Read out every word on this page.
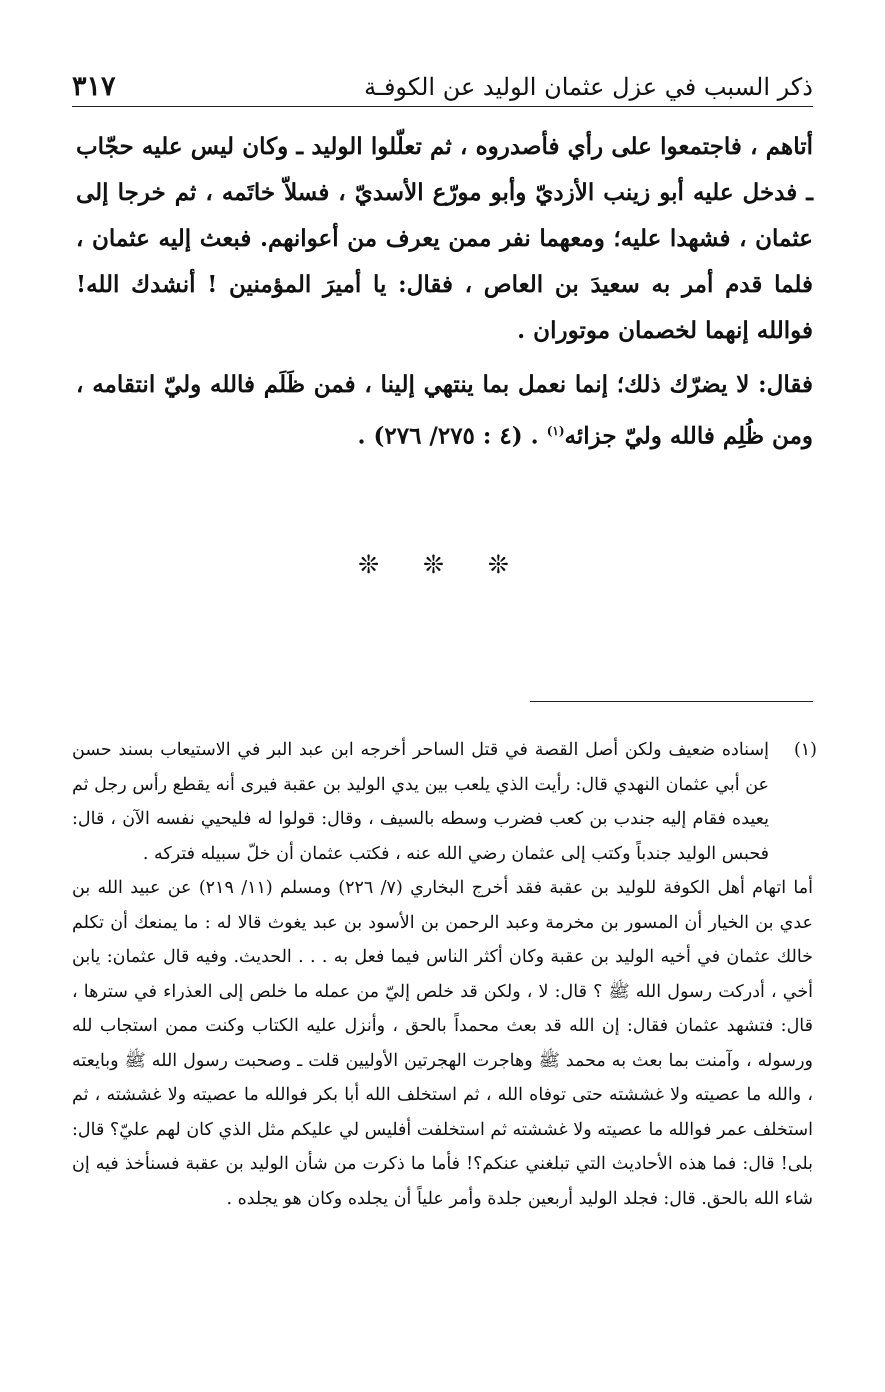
ذكر السبب في عزل عثمان الوليد عن الكوفـة
٣١٧

أتاهم ، فاجتمعوا على رأي فأصدروه ، ثم تعلّلوا الوليد ـ وكان ليس عليه حجّاب ـ فدخل عليه أبو زينب الأزديّ وأبو مورّع الأسديّ ، فسلاّ خاتَمه ، ثم خرجا إلى عثمان ، فشهدا عليه؛ ومعهما نفر ممن يعرف من أعوانهم. فبعث إليه عثمان ، فلما قدم أمر به سعيدَ بن العاص ، فقال: يا أميرَ المؤمنين ! أنشدك الله! فوالله إنهما لخصمان موتوران .

فقال: لا يضرّك ذلك؛ إنما نعمل بما ينتهي إلينا ، فمن ظَلَم فالله وليّ انتقامه ، ومن ظُلِم فالله وليّ جزائه$^{(١)}$ . (٤ : ٢٧٥/ ٢٧٦) .

❊ ❊ ❊
(١)

إسناده ضعيف ولكن أصل القصة في قتل الساحر أخرجه ابن عبد البر في الاستيعاب بسند حسن عن أبي عثمان النهدي قال: رأيت الذي يلعب بين يدي الوليد بن عقبة فيرى أنه يقطع رأس رجل ثم يعيده فقام إليه جندب بن كعب فضرب وسطه بالسيف ، وقال: قولوا له فليحيي نفسه الآن ، قال: فحبس الوليد جندباً وكتب إلى عثمان رضي الله عنه ، فكتب عثمان أن خلّ سبيله فتركه .

أما اتهام أهل الكوفة للوليد بن عقبة فقد أخرج البخاري (٧/ ٢٢٦) ومسلم (١١/ ٢١٩) عن عبيد الله بن عدي بن الخيار أن المسور بن مخرمة وعبد الرحمن بن الأسود بن عبد يغوث قالا له : ما يمنعك أن تكلم خالك عثمان في أخيه الوليد بن عقبة وكان أكثر الناس فيما فعل به . . . الحديث. وفيه قال عثمان: يابن أخي ، أدركت رسول الله ﷺ ؟ قال: لا ، ولكن قد خلص إليّ من عمله ما خلص إلى العذراء في سترها ، قال: فتشهد عثمان فقال: إن الله قد بعث محمداً بالحق ، وأنزل عليه الكتاب وكنت ممن استجاب لله ورسوله ، وآمنت بما بعث به محمد ﷺ وهاجرت الهجرتين الأوليين قلت ـ وصحبت رسول الله ﷺ وبايعته ، والله ما عصيته ولا غششته حتى توفاه الله ، ثم استخلف الله أبا بكر فوالله ما عصيته ولا غششته ، ثم استخلف عمر فوالله ما عصيته ولا غششته ثم استخلفت أفليس لي عليكم مثل الذي كان لهم عليّ؟ قال: بلى! قال: فما هذه الأحاديث التي تبلغني عنكم؟! فأما ما ذكرت من شأن الوليد بن عقبة فسنأخذ فيه إن شاء الله بالحق. قال: فجلد الوليد أربعين جلدة وأمر علياً أن يجلده وكان هو يجلده .
